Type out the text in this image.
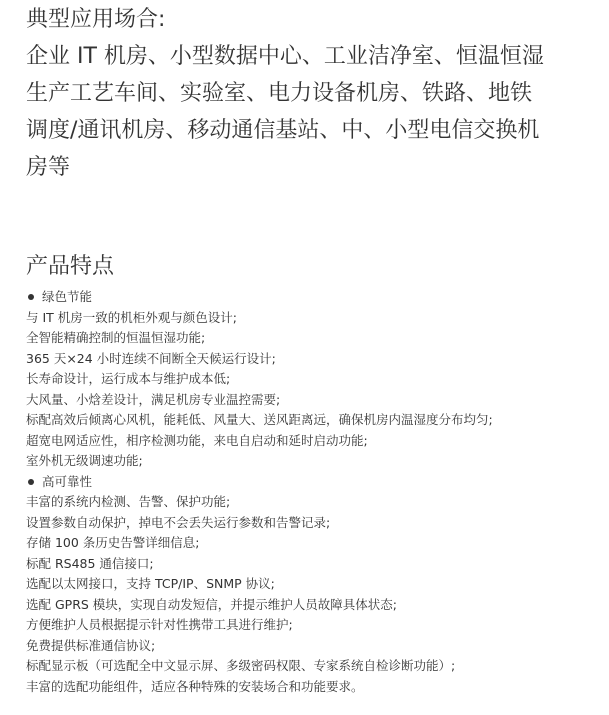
典型应用场合:
企业 IT 机房、小型数据中心、工业洁净室、恒温恒湿
生产工艺车间、实验室、电力设备机房、铁路、地铁
调度/通讯机房、移动通信基站、中、小型电信交换机
房等
产品特点
绿色节能
与 IT 机房一致的机柜外观与颜色设计;
全智能精确控制的恒温恒湿功能;
365 天×24 小时连续不间断全天候运行设计;
长寿命设计，运行成本与维护成本低;
大风量、小焓差设计，满足机房专业温控需要;
标配高效后倾离心风机，能耗低、风量大、送风距离远，确保机房内温湿度分布均匀;
超宽电网适应性，相序检测功能，来电自启动和延时启动功能;
室外机无级调速功能;
高可靠性
丰富的系统内检测、告警、保护功能;
设置参数自动保护，掉电不会丢失运行参数和告警记录;
存储 100 条历史告警详细信息;
标配 RS485 通信接口;
选配以太网接口，支持 TCP/IP、SNMP 协议;
选配 GPRS 模块，实现自动发短信，并提示维护人员故障具体状态;
方便维护人员根据提示针对性携带工具进行维护;
免费提供标准通信协议;
标配显示板（可选配全中文显示屏、多级密码权限、专家系统自检诊断功能）;
丰富的选配功能组件，适应各种特殊的安装场合和功能要求。
